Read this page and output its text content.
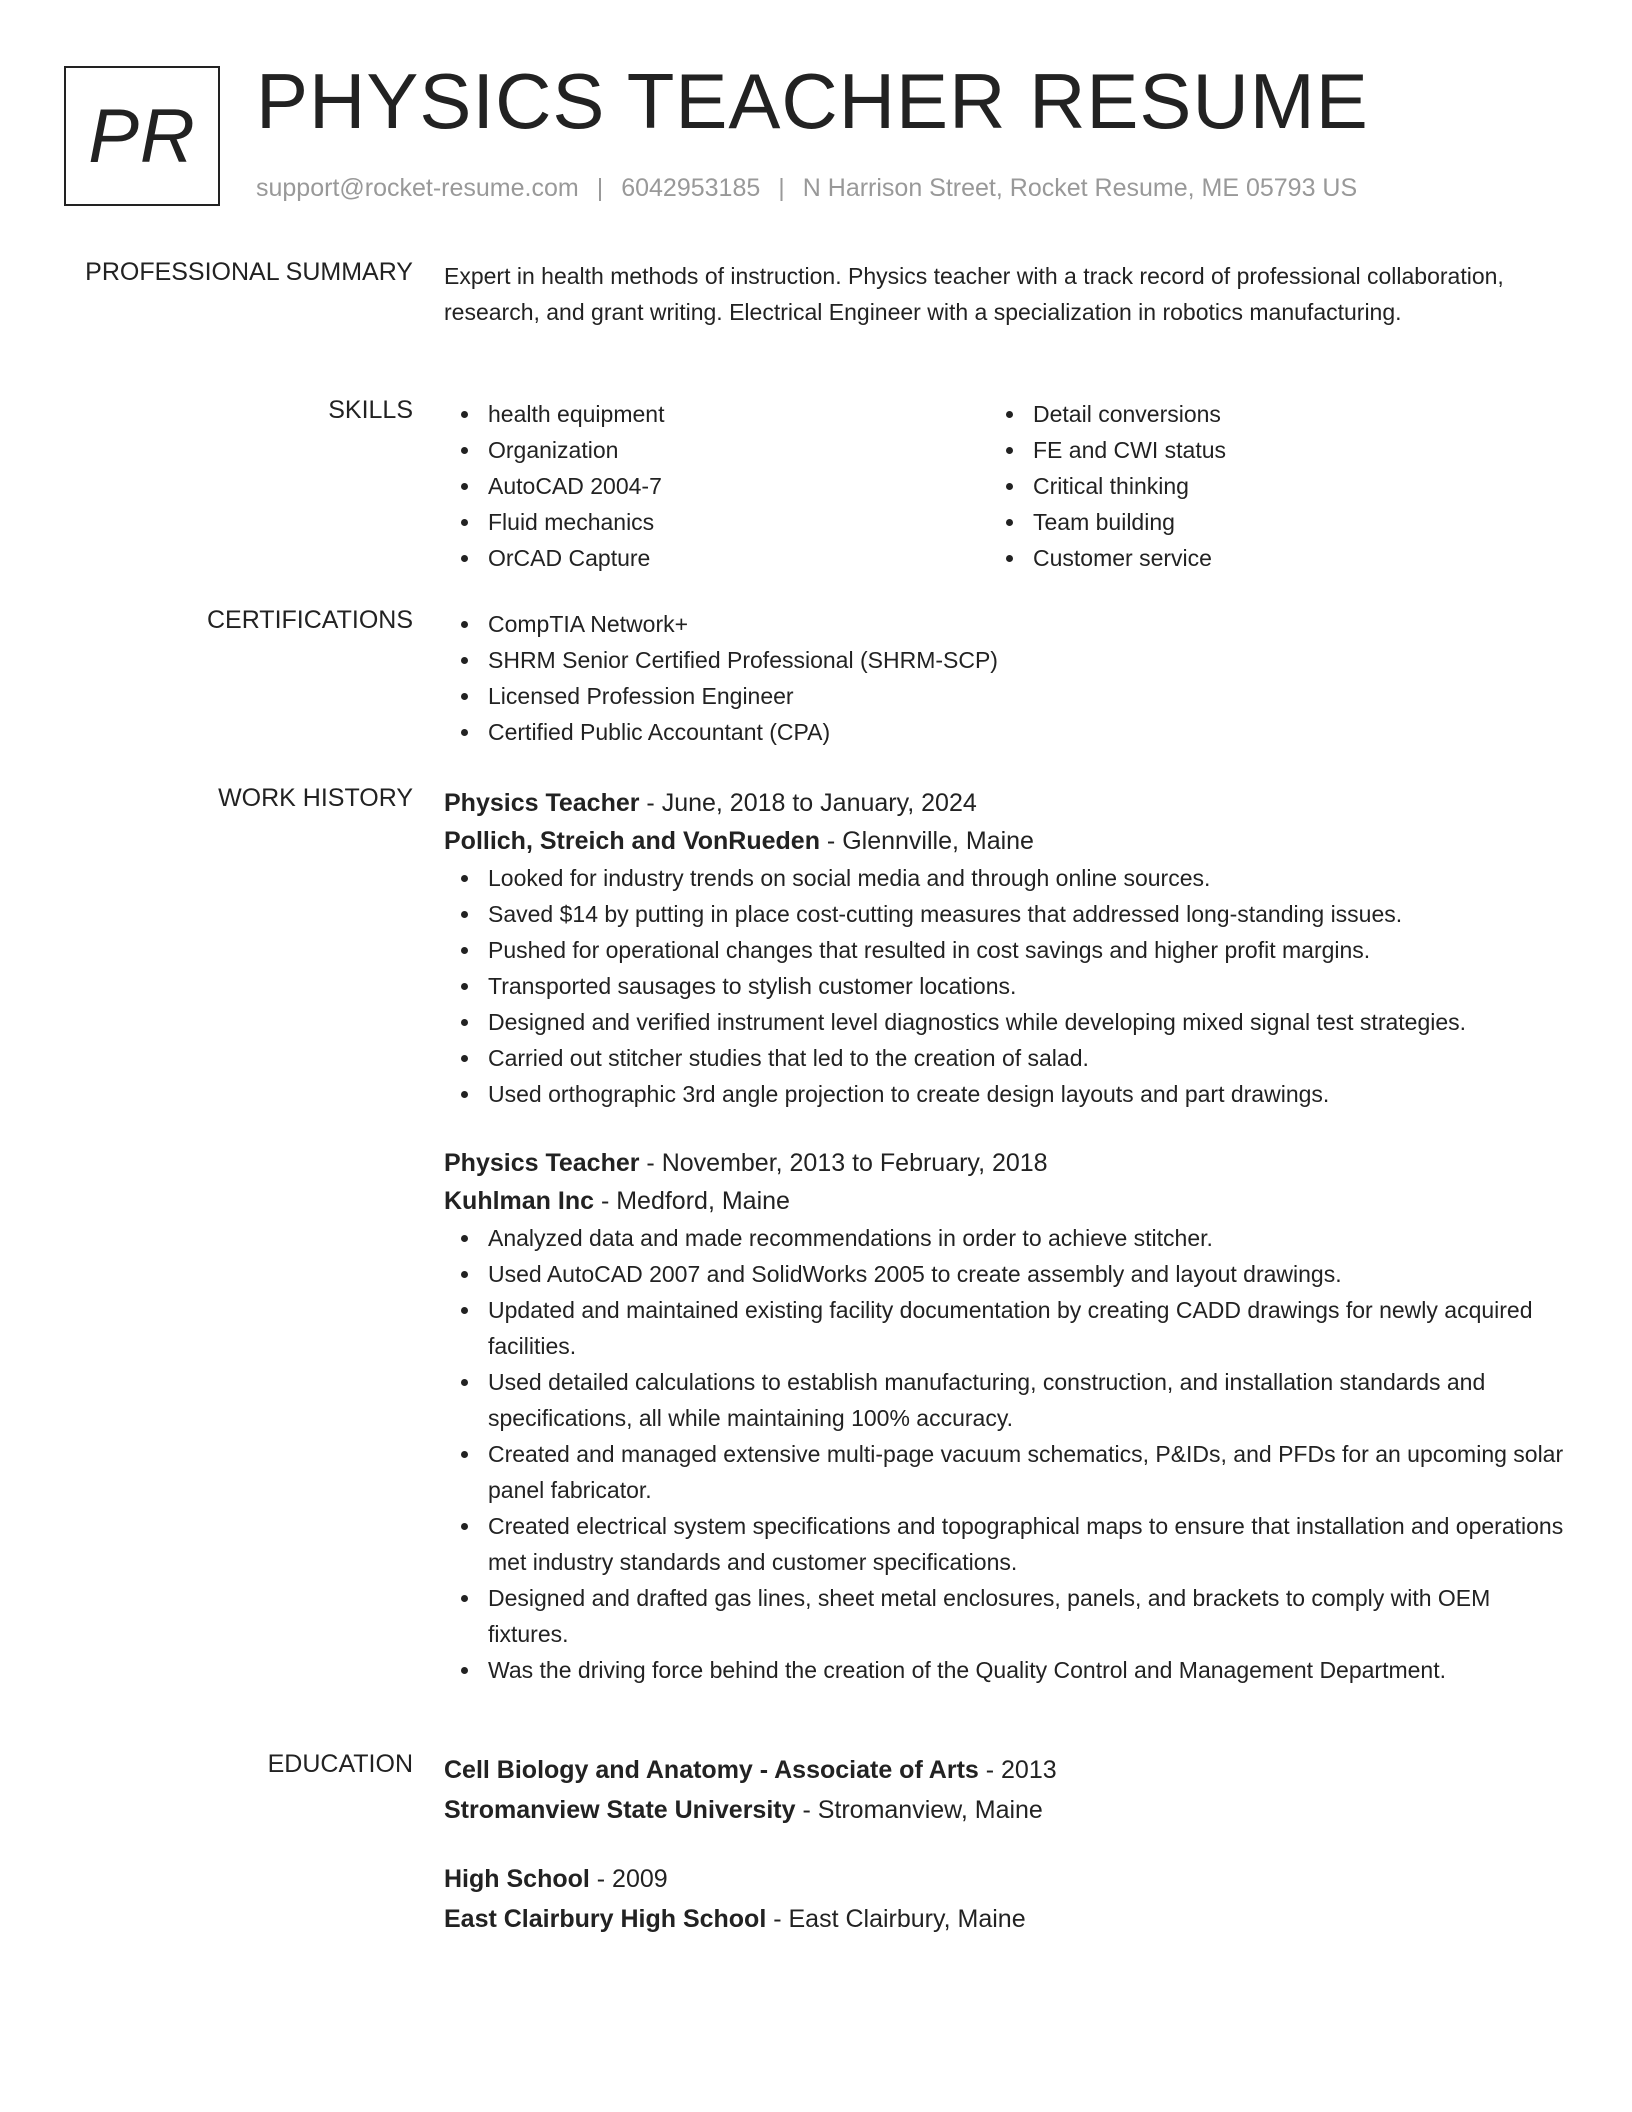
PR PHYSICS TEACHER RESUME
support@rocket-resume.com | 6042953185 | N Harrison Street, Rocket Resume, ME 05793 US
PROFESSIONAL SUMMARY Expert in health methods of instruction. Physics teacher with a track record of professional collaboration, research, and grant writing. Electrical Engineer with a specialization in robotics manufacturing.

SKILLS	health equipment
Organization
AutoCAD 2004-7
Fluid mechanics
OrCAD Capture
Detail conversions
FE and CWI status
Critical thinking
Team building
Customer service
CERTIFICATIONS	CompTIA Network+
SHRM Senior Certified Professional (SHRM-SCP)
Licensed Profession Engineer
Certified Public Accountant (CPA)
WORK HISTORY Physics Teacher - June, 2018 to January, 2024
Pollich, Streich and VonRueden - Glennville, Maine
Looked for industry trends on social media and through online sources.
Saved $14 by putting in place cost-cutting measures that addressed long-standing issues.
Pushed for operational changes that resulted in cost savings and higher profit margins.
Transported sausages to stylish customer locations.
Designed and verified instrument level diagnostics while developing mixed signal test strategies.
Carried out stitcher studies that led to the creation of salad.
Used orthographic 3rd angle projection to create design layouts and part drawings.
Physics Teacher - November, 2013 to February, 2018
Kuhlman Inc - Medford, Maine
Analyzed data and made recommendations in order to achieve stitcher.
Used AutoCAD 2007 and SolidWorks 2005 to create assembly and layout drawings.
Updated and maintained existing facility documentation by creating CADD drawings for newly acquired facilities.
Used detailed calculations to establish manufacturing, construction, and installation standards and specifications, all while maintaining 100% accuracy.
Created and managed extensive multi-page vacuum schematics, P&IDs, and PFDs for an upcoming solar panel fabricator.
Created electrical system specifications and topographical maps to ensure that installation and operations met industry standards and customer specifications.
Designed and drafted gas lines, sheet metal enclosures, panels, and brackets to comply with OEM fixtures.
Was the driving force behind the creation of the Quality Control and Management Department.
EDUCATION Cell Biology and Anatomy - Associate of Arts - 2013
Stromanview State University - Stromanview, Maine
High School - 2009
East Clairbury High School - East Clairbury, Maine
